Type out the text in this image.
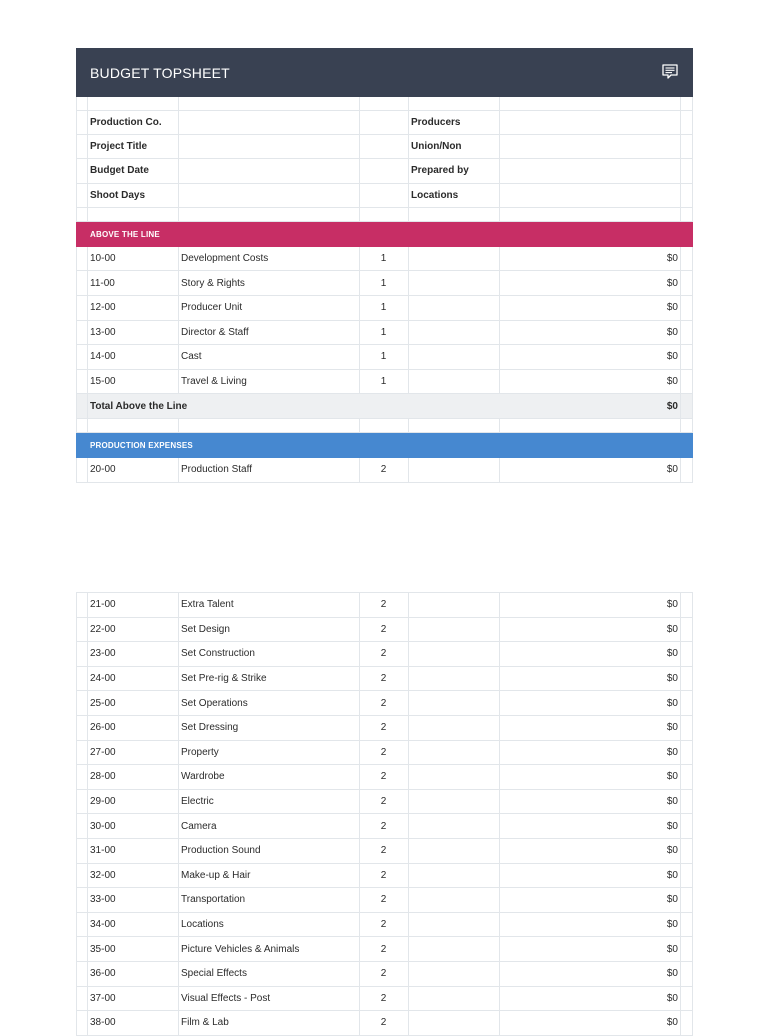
BUDGET TOPSHEET
Production Co.	Producers
Project Title	Union/Non
Budget Date	Prepared by
Shoot Days	Locations
ABOVE THE LINE
10-00	Development Costs	1	$0
11-00	Story & Rights	1	$0
12-00	Producer Unit	1	$0
13-00	Director & Staff	1	$0
14-00	Cast	1	$0
15-00	Travel & Living	1	$0
Total Above the Line	$0
PRODUCTION EXPENSES
20-00	Production Staff	2	$0
21-00	Extra Talent	2	$0
22-00	Set Design	2	$0
23-00	Set Construction	2	$0
24-00	Set Pre-rig & Strike	2	$0
25-00	Set Operations	2	$0
26-00	Set Dressing	2	$0
27-00	Property	2	$0
28-00	Wardrobe	2	$0
29-00	Electric	2	$0
30-00	Camera	2	$0
31-00	Production Sound	2	$0
32-00	Make-up & Hair	2	$0
33-00	Transportation	2	$0
34-00	Locations	2	$0
35-00	Picture Vehicles & Animals	2	$0
36-00	Special Effects	2	$0
37-00	Visual Effects - Post	2	$0
38-00	Film & Lab	2	$0
